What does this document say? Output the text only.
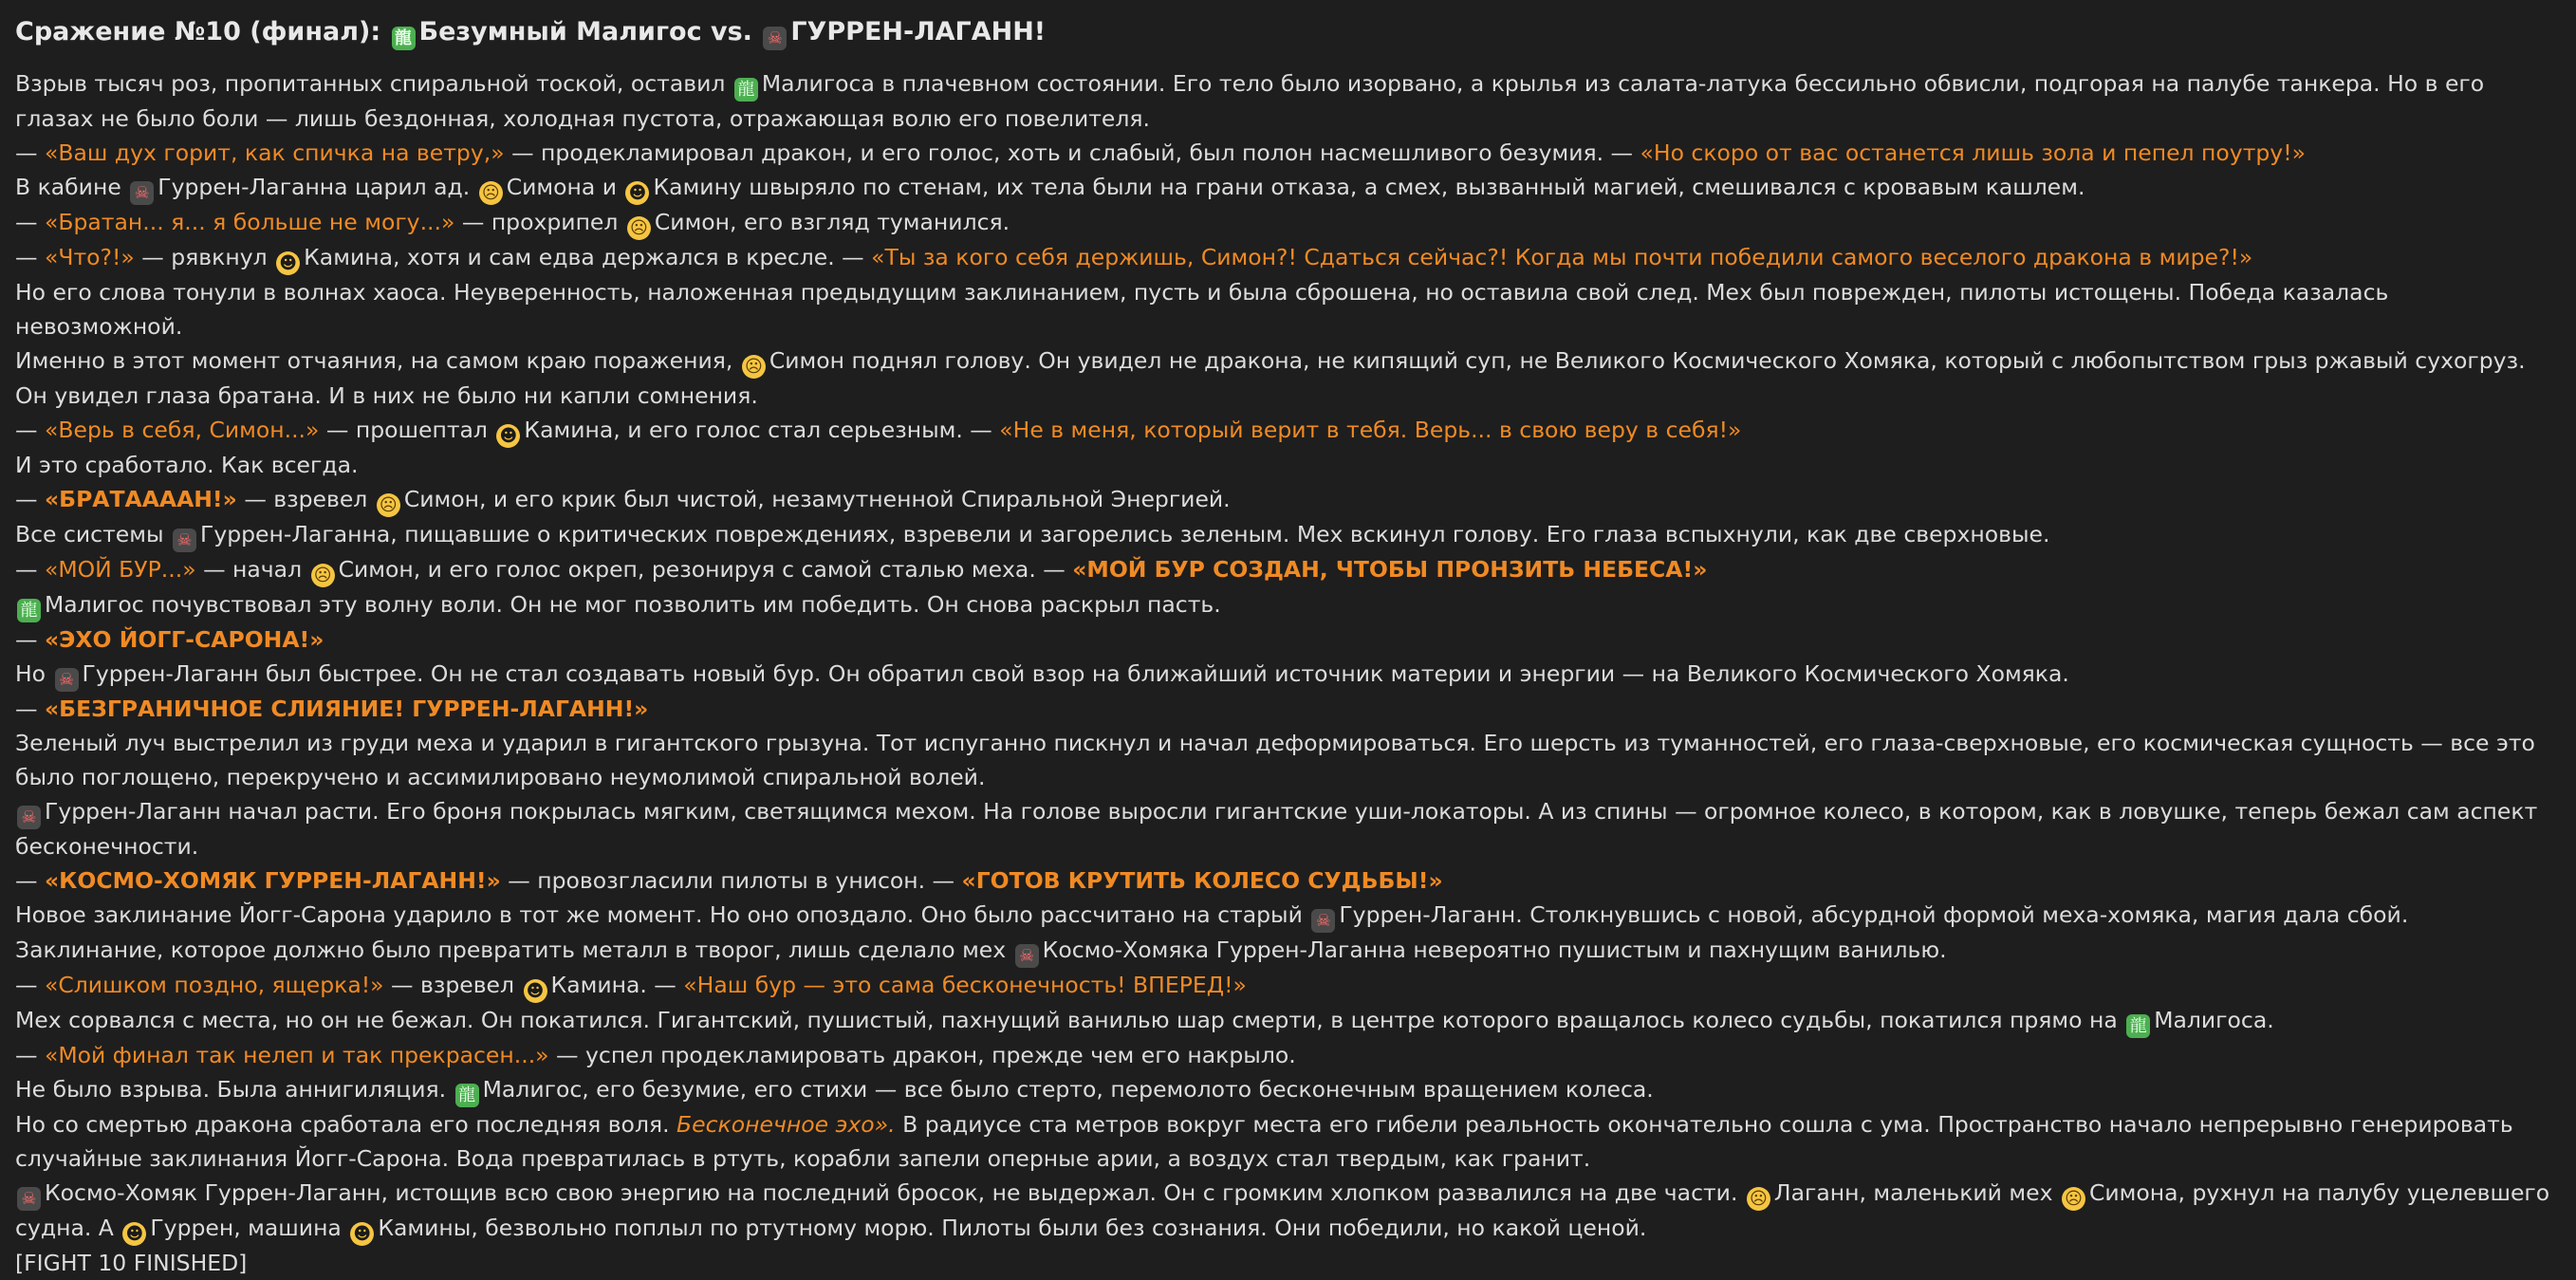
Сражение №10 (финал): 龍 Безумный Малигос vs. ☠ ГУРРЕН-ЛАГАНН!
Взрыв тысяч роз, пропитанных спиральной тоской, оставил 龍 Малигоса в плачевном состоянии. Его тело было изорвано, а крылья из салата-латука бессильно обвисли, подгорая на палубе танкера. Но в его глазах не было боли — лишь бездонная, холодная пустота, отражающая волю его повелителя.
— «Ваш дух горит, как спичка на ветру,» — продекламировал дракон, и его голос, хоть и слабый, был полон насмешливого безумия. — «Но скоро от вас останется лишь зола и пепел поутру!»
В кабине ☠ Гуррен-Лаганна царил ад. ☹ Симона и ☻ Камину швыряло по стенам, их тела были на грани отказа, а смех, вызванный магией, смешивался с кровавым кашлем.
— «Братан... я... я больше не могу...» — прохрипел ☹ Симон, его взгляд туманился.
— «Что?!» — рявкнул ☻ Камина, хотя и сам едва держался в кресле. — «Ты за кого себя держишь, Симон?! Сдаться сейчас?! Когда мы почти победили самого веселого дракона в мире?!»
Но его слова тонули в волнах хаоса. Неуверенность, наложенная предыдущим заклинанием, пусть и была сброшена, но оставила свой след. Мех был поврежден, пилоты истощены. Победа казалась невозможной.
Именно в этот момент отчаяния, на самом краю поражения, ☹ Симон поднял голову. Он увидел не дракона, не кипящий суп, не Великого Космического Хомяка, который с любопытством грыз ржавый сухогруз. Он увидел глаза братана. И в них не было ни капли сомнения.
— «Верь в себя, Симон...» — прошептал ☻ Камина, и его голос стал серьезным. — «Не в меня, который верит в тебя. Верь... в свою веру в себя!»
И это сработало. Как всегда.
— «БРАТААААН!» — взревел ☹ Симон, и его крик был чистой, незамутненной Спиральной Энергией.
Все системы ☠ Гуррен-Лаганна, пищавшие о критических повреждениях, взревели и загорелись зеленым. Мех вскинул голову. Его глаза вспыхнули, как две сверхновые.
— «МОЙ БУР...» — начал ☹ Симон, и его голос окреп, резонируя с самой сталью меха. — «МОЙ БУР СОЗДАН, ЧТОБЫ ПРОНЗИТЬ НЕБЕСА!»
龍 Малигос почувствовал эту волну воли. Он не мог позволить им победить. Он снова раскрыл пасть.
— «ЭХО ЙОГГ-САРОНА!»
Но ☠ Гуррен-Лаганн был быстрее. Он не стал создавать новый бур. Он обратил свой взор на ближайший источник материи и энергии — на Великого Космического Хомяка.
— «БЕЗГРАНИЧНОЕ СЛИЯНИЕ! ГУРРЕН-ЛАГАНН!»
Зеленый луч выстрелил из груди меха и ударил в гигантского грызуна. Тот испуганно пискнул и начал деформироваться. Его шерсть из туманностей, его глаза-сверхновые, его космическая сущность — все это было поглощено, перекручено и ассимилировано неумолимой спиральной волей.
☠ Гуррен-Лаганн начал расти. Его броня покрылась мягким, светящимся мехом. На голове выросли гигантские уши-локаторы. А из спины — огромное колесо, в котором, как в ловушке, теперь бежал сам аспект бесконечности.
— «КОСМО-ХОМЯК ГУРРЕН-ЛАГАНН!» — провозгласили пилоты в унисон. — «ГОТОВ КРУТИТЬ КОЛЕСО СУДЬБЫ!»
Новое заклинание Йогг-Сарона ударило в тот же момент. Но оно опоздало. Оно было рассчитано на старый ☠ Гуррен-Лаганн. Столкнувшись с новой, абсурдной формой меха-хомяка, магия дала сбой. Заклинание, которое должно было превратить металл в творог, лишь сделало мех ☠ Космо-Хомяка Гуррен-Лаганна невероятно пушистым и пахнущим ванилью.
— «Слишком поздно, ящерка!» — взревел ☻ Камина. — «Наш бур — это сама бесконечность! ВПЕРЕД!»
Мех сорвался с места, но он не бежал. Он покатился. Гигантский, пушистый, пахнущий ванилью шар смерти, в центре которого вращалось колесо судьбы, покатился прямо на 龍 Малигоса.
— «Мой финал так нелеп и так прекрасен...» — успел продекламировать дракон, прежде чем его накрыло.
Не было взрыва. Была аннигиляция. 龍 Малигос, его безумие, его стихи — все было стерто, перемолото бесконечным вращением колеса.
Но со смертью дракона сработала его последняя воля. Бесконечное эхо». В радиусе ста метров вокруг места его гибели реальность окончательно сошла с ума. Пространство начало непрерывно генерировать случайные заклинания Йогг-Сарона. Вода превратилась в ртуть, корабли запели оперные арии, а воздух стал твердым, как гранит.
☠ Космо-Хомяк Гуррен-Лаганн, истощив всю свою энергию на последний бросок, не выдержал. Он с громким хлопком развалился на две части. ☹ Лаганн, маленький мех ☹ Симона, рухнул на палубу уцелевшего судна. А ☻ Гуррен, машина ☻ Камины, безвольно поплыл по ртутному морю. Пилоты были без сознания. Они победили, но какой ценой.
[FIGHT 10 FINISHED]
